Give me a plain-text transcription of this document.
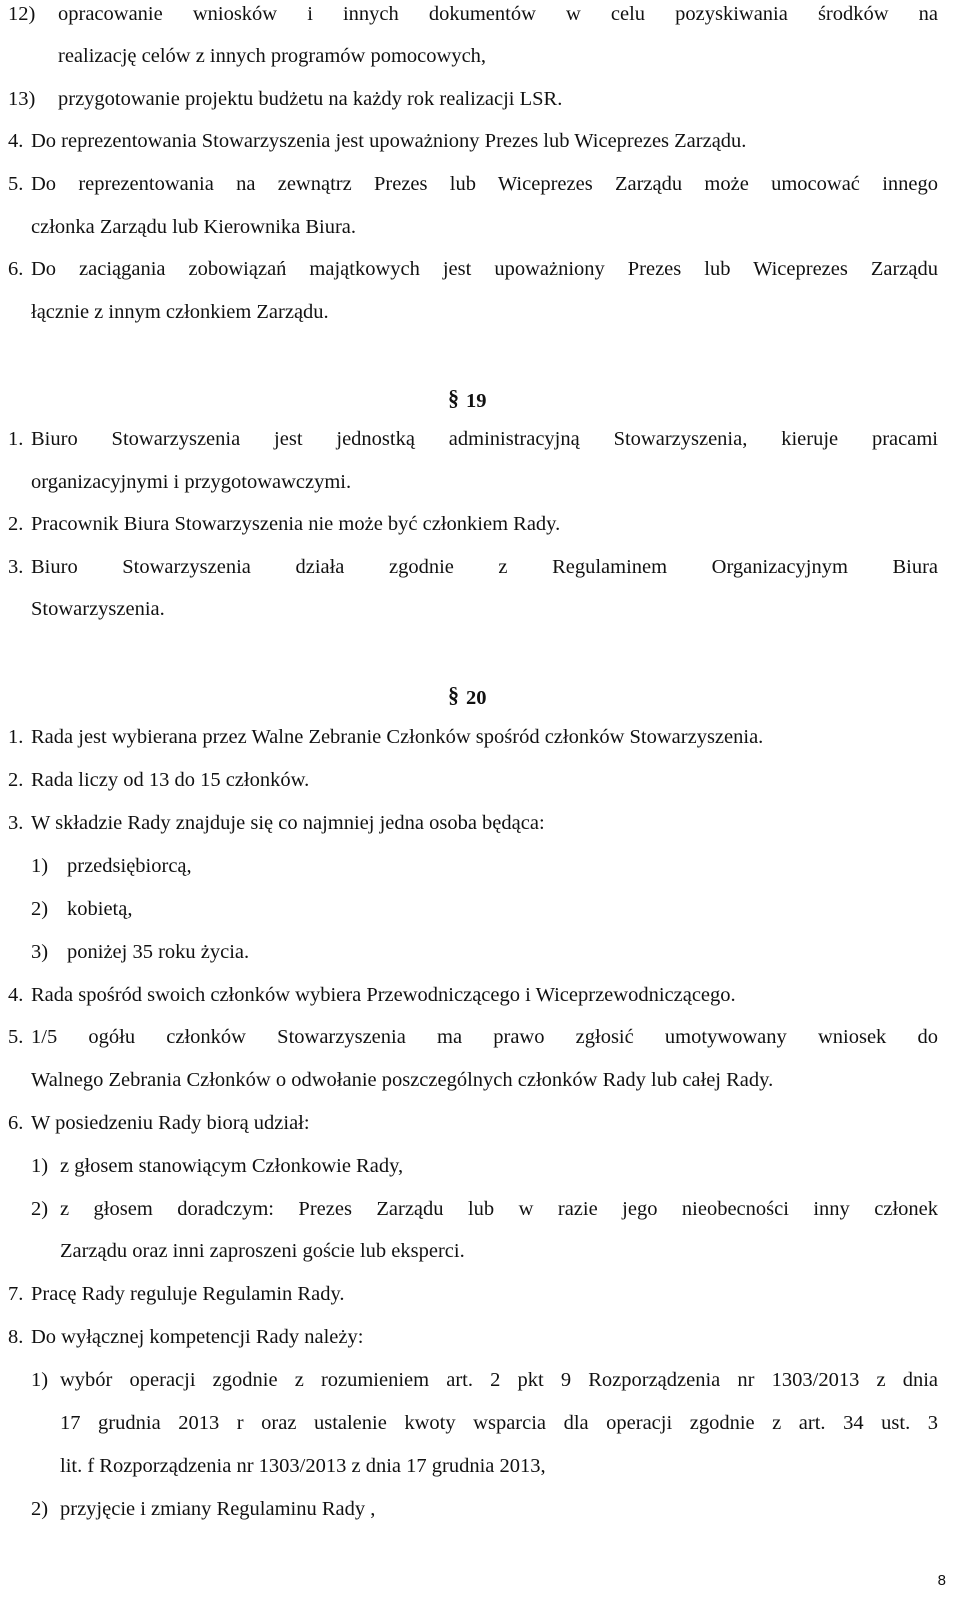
12) opracowanie wniosków i innych dokumentów w celu pozyskiwania środków na
realizację celów z innych programów pomocowych,
13) przygotowanie projektu budżetu na każdy rok realizacji LSR.
4. Do reprezentowania Stowarzyszenia jest upoważniony Prezes lub Wiceprezes Zarządu.
5. Do reprezentowania na zewnątrz Prezes lub Wiceprezes Zarządu może umocować innego
członka Zarządu lub Kierownika Biura.
6. Do zaciągania zobowiązań majątkowych jest upoważniony Prezes lub Wiceprezes Zarządu
łącznie z innym członkiem Zarządu.
§ 19
1. Biuro Stowarzyszenia jest jednostką administracyjną Stowarzyszenia, kieruje pracami
organizacyjnymi i przygotowawczymi.
2. Pracownik Biura Stowarzyszenia nie może być członkiem Rady.
3. Biuro Stowarzyszenia działa zgodnie z Regulaminem Organizacyjnym Biura
Stowarzyszenia.
§ 20
1. Rada jest wybierana przez Walne Zebranie Członków spośród członków Stowarzyszenia.
2. Rada liczy od 13 do 15 członków.
3. W składzie Rady znajduje się co najmniej jedna osoba będąca:
1) przedsiębiorcą,
2) kobietą,
3) poniżej 35 roku życia.
4. Rada spośród swoich członków wybiera Przewodniczącego i Wiceprzewodniczącego.
5. 1/5 ogółu członków Stowarzyszenia ma prawo zgłosić umotywowany wniosek do
Walnego Zebrania Członków o odwołanie poszczególnych członków Rady lub całej Rady.
6. W posiedzeniu Rady biorą udział:
1) z głosem stanowiącym Członkowie Rady,
2) z głosem doradczym: Prezes Zarządu lub w razie jego nieobecności inny członek
Zarządu oraz inni zaproszeni goście lub eksperci.
7. Pracę Rady reguluje Regulamin Rady.
8. Do wyłącznej kompetencji Rady należy:
1) wybór operacji zgodnie z rozumieniem art. 2 pkt 9 Rozporządzenia nr 1303/2013 z dnia
17 grudnia 2013 r oraz ustalenie kwoty wsparcia dla operacji zgodnie z art. 34 ust. 3
lit. f Rozporządzenia nr 1303/2013 z dnia 17 grudnia 2013,
2) przyjęcie i zmiany Regulaminu Rady ,
8
